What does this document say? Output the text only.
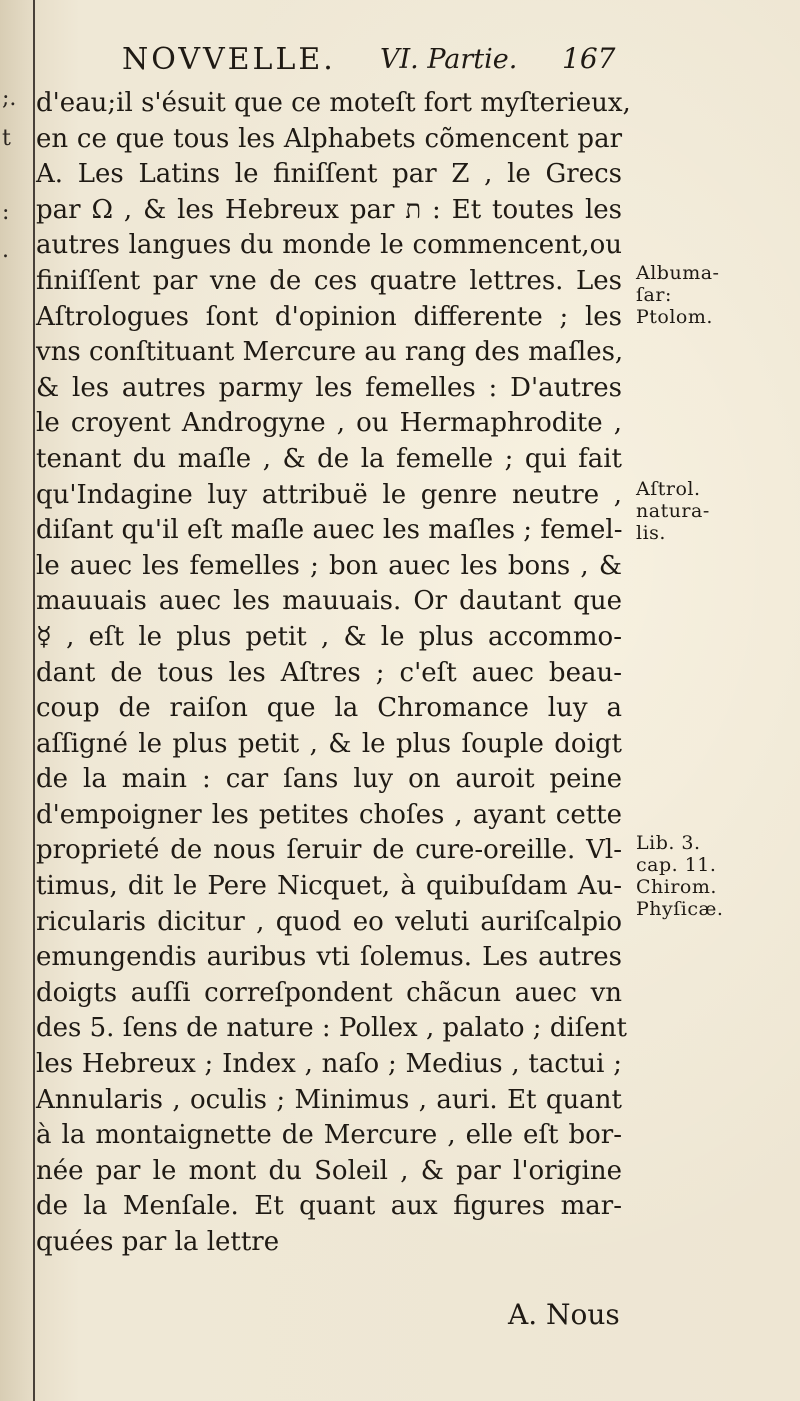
;.
t
:
.
NOVVELLE. VI. Partie. 167
d'eau;il s'ésuit que ce moteſt fort myſterieux,
en ce que tous les Alphabets cõmencent par
A. Les Latins le finiſſent par Z , le Grecs
par Ω , & les Hebreux par ת : Et toutes les
autres langues du monde le commencent,ou
finiſſent par vne de ces quatre lettres. Les
Aſtrologues ſont d'opinion differente ; les
vns conſtituant Mercure au rang des maſles,
& les autres parmy les femelles : D'autres
le croyent Androgyne , ou Hermaphrodite ,
tenant du maſle , & de la femelle ; qui fait
qu'Indagine luy attribuë le genre neutre ,
diſant qu'il eſt maſle auec les maſles ; femel-
le auec les femelles ; bon auec les bons , &
mauuais auec les mauuais. Or dautant que
☿ , eſt le plus petit , & le plus accommo-
dant de tous les Aſtres ; c'eſt auec beau-
coup de raiſon que la Chromance luy a
aſſigné le plus petit , & le plus ſouple doigt
de la main : car ſans luy on auroit peine
d'empoigner les petites choſes , ayant cette
proprieté de nous ſeruir de cure-oreille. Vl-
timus, dit le Pere Nicquet, à quibuſdam Au-
ricularis dicitur , quod eo veluti auriſcalpio
emungendis auribus vti ſolemus. Les autres
doigts auſſi correſpondent chãcun auec vn
des 5. ſens de nature : Pollex , palato ; diſent
les Hebreux ; Index , naſo ; Medius , tactui ;
Annularis , oculis ; Minimus , auri. Et quant
à la montaignette de Mercure , elle eſt bor-
née par le mont du Soleil , & par l'origine
de la Menſale. Et quant aux figures mar-
quées par la lettre
Albuma-
ſar:
Ptolom.
Aſtrol.
natura-
lis.
Lib. 3.
cap. 11.
Chirom.
Phyſicæ.
A. Nous
